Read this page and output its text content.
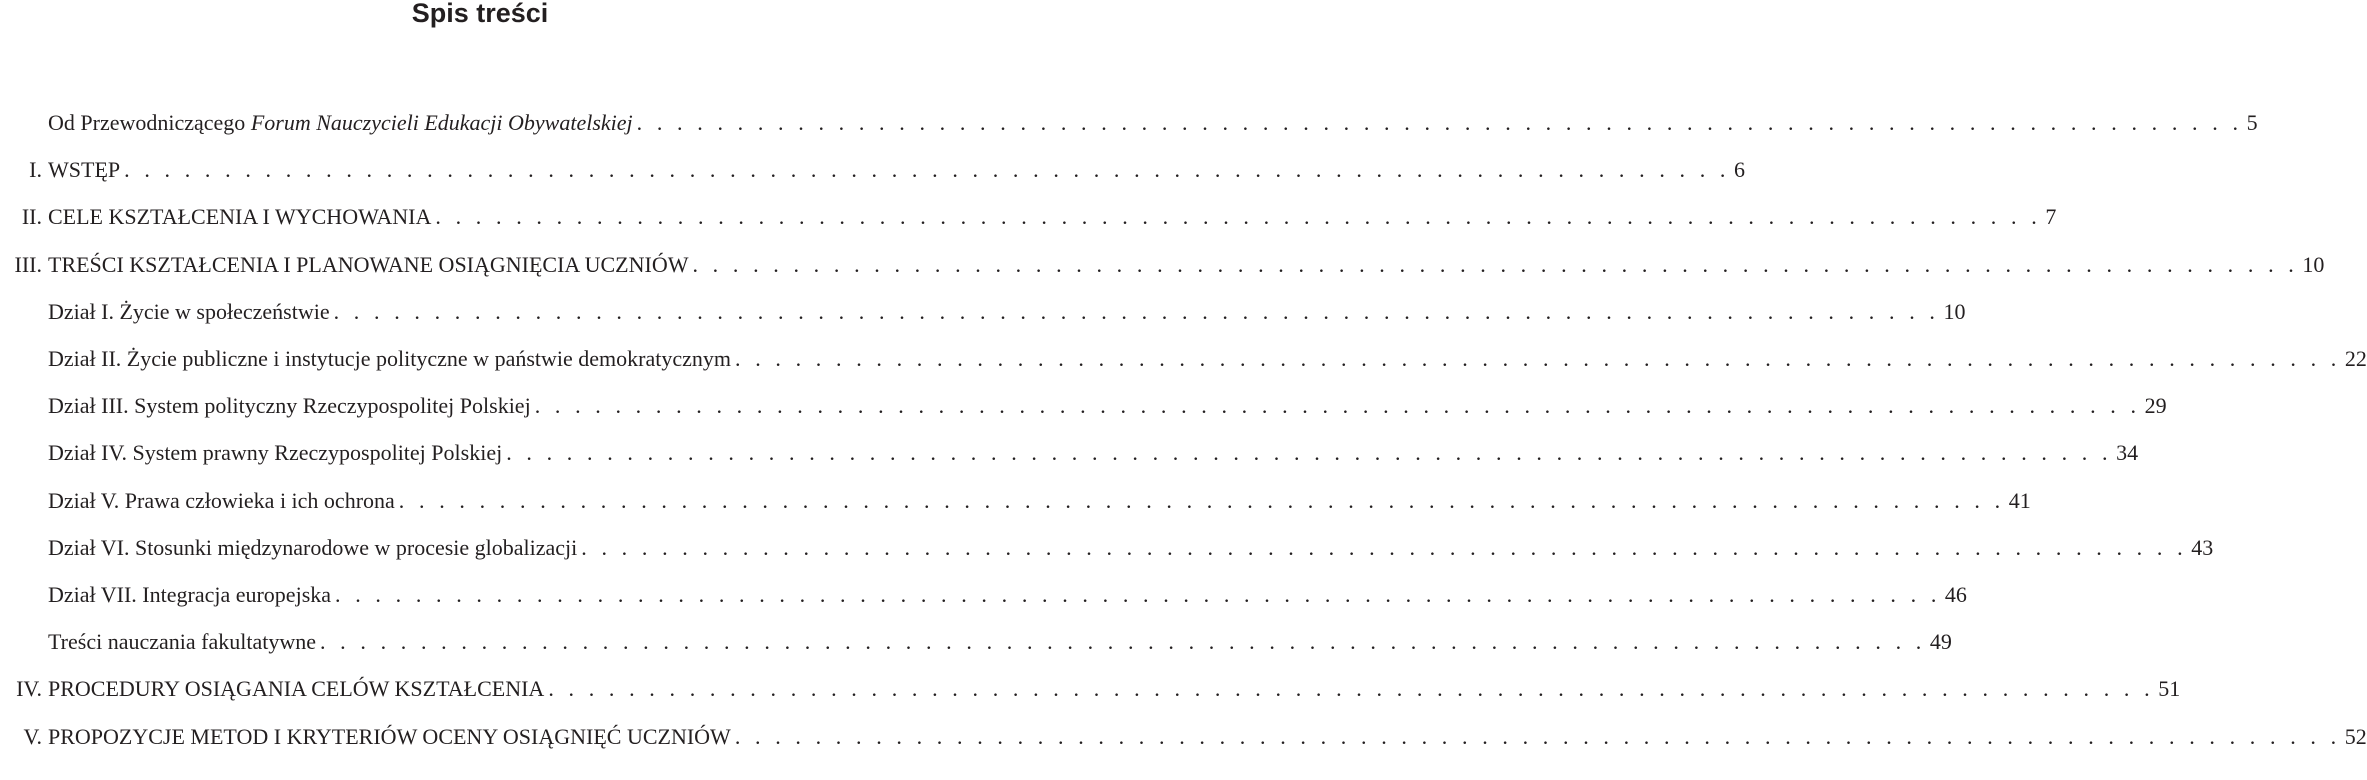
Spis treści
Od Przewodniczącego Forum Nauczycieli Edukacji Obywatelskiej . . . . . . . . . . . . . . . . . . . . . . . . . . . . . . . . . . . . . . . . . . . . . . . . . . . . . . . . . . . . . . . . . . . . . . . . . . . . . . . . 5
I. WSTĘP . . . . . . . . . . . . . . . . . . . . . . . . . . . . . . . . . . . . . . . . . . . . . . . . . . . . . . . . . . . . . . . . . . . . . . . . . . . . . . . . 6
II. CELE KSZTAŁCENIA I WYCHOWANIA . . . . . . . . . . . . . . . . . . . . . . . . . . . . . . . . . . . . . . . . . . . . . . . . . . . . . . . . . . . . . . . . . . . . . . . . . . . . . . . . 7
III. TREŚCI KSZTAŁCENIA I PLANOWANE OSIĄGNIĘCIA UCZNIÓW . . . . . . . . . . . . . . . . . . . . . . . . . . . . . . . . . . . . . . . . . . . . . . . . . . . . . . . . . . . . . . . . . . . . . . . . . . . . . . . . 10
Dział I. Życie w społeczeństwie . . . . . . . . . . . . . . . . . . . . . . . . . . . . . . . . . . . . . . . . . . . . . . . . . . . . . . . . . . . . . . . . . . . . . . . . . . . . . . . . 10
Dział II. Życie publiczne i instytucje polityczne w państwie demokratycznym . . . . . . . . . . . . . . . . . . . . . . . . . . . . . . . . . . . . . . . . . . . . . . . . . . . . . . . . . . . . . . . . . . . . . . . . . . . . . . . . 22
Dział III. System polityczny Rzeczypospolitej Polskiej . . . . . . . . . . . . . . . . . . . . . . . . . . . . . . . . . . . . . . . . . . . . . . . . . . . . . . . . . . . . . . . . . . . . . . . . . . . . . . . . 29
Dział IV. System prawny Rzeczypospolitej Polskiej . . . . . . . . . . . . . . . . . . . . . . . . . . . . . . . . . . . . . . . . . . . . . . . . . . . . . . . . . . . . . . . . . . . . . . . . . . . . . . . . 34
Dział V. Prawa człowieka i ich ochrona . . . . . . . . . . . . . . . . . . . . . . . . . . . . . . . . . . . . . . . . . . . . . . . . . . . . . . . . . . . . . . . . . . . . . . . . . . . . . . . . 41
Dział VI. Stosunki międzynarodowe w procesie globalizacji . . . . . . . . . . . . . . . . . . . . . . . . . . . . . . . . . . . . . . . . . . . . . . . . . . . . . . . . . . . . . . . . . . . . . . . . . . . . . . . . 43
Dział VII. Integracja europejska . . . . . . . . . . . . . . . . . . . . . . . . . . . . . . . . . . . . . . . . . . . . . . . . . . . . . . . . . . . . . . . . . . . . . . . . . . . . . . . . 46
Treści nauczania fakultatywne . . . . . . . . . . . . . . . . . . . . . . . . . . . . . . . . . . . . . . . . . . . . . . . . . . . . . . . . . . . . . . . . . . . . . . . . . . . . . . . . 49
IV. PROCEDURY OSIĄGANIA CELÓW KSZTAŁCENIA . . . . . . . . . . . . . . . . . . . . . . . . . . . . . . . . . . . . . . . . . . . . . . . . . . . . . . . . . . . . . . . . . . . . . . . . . . . . . . . . 51
V. PROPOZYCJE METOD I KRYTERIÓW OCENY OSIĄGNIĘĆ UCZNIÓW . . . . . . . . . . . . . . . . . . . . . . . . . . . . . . . . . . . . . . . . . . . . . . . . . . . . . . . . . . . . . . . . . . . . . . . . . . . . . . . . 52
